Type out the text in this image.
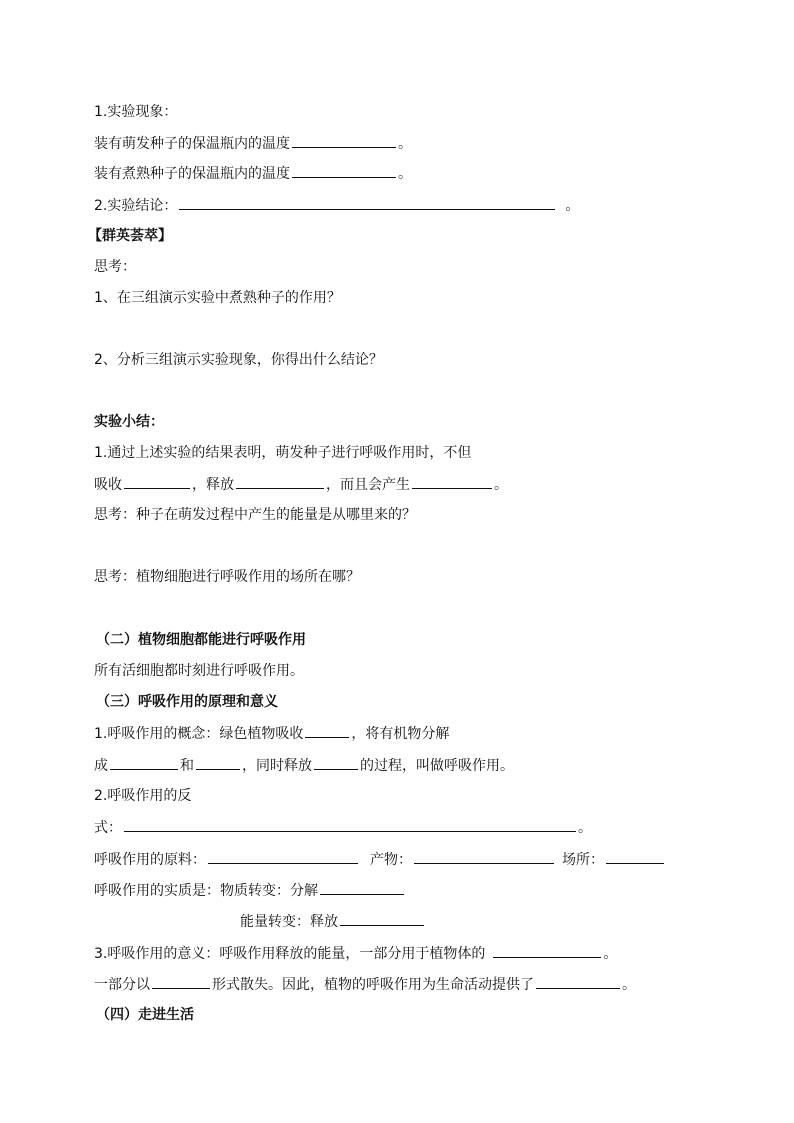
1.实验现象：
装有萌发种子的保温瓶内的温度	。
装有煮熟种子的保温瓶内的温度	。
2.实验结论：	。
【群英荟萃】
思考：
1、在三组演示实验中煮熟种子的作用？
2、分析三组演示实验现象，你得出什么结论？
实验小结：
1.通过上述实验的结果表明，萌发种子进行呼吸作用时，不但
吸收	，释放	，而且会产生	。
思考：种子在萌发过程中产生的能量是从哪里来的？
思考：植物细胞进行呼吸作用的场所在哪？
（二）植物细胞都能进行呼吸作用
所有活细胞都时刻进行呼吸作用。
（三）呼吸作用的原理和意义
1.呼吸作用的概念：绿色植物吸收	，将有机物分解
成	和	，同时释放	的过程，叫做呼吸作用。
2.呼吸作用的反
式：	。
呼吸作用的原料：	产物：	场所：
呼吸作用的实质是：物质转变：分解
能量转变：释放
3.呼吸作用的意义：呼吸作用释放的能量，一部分用于植物体的	。
一部分以	形式散失。因此，植物的呼吸作用为生命活动提供了	。
（四）走进生活
